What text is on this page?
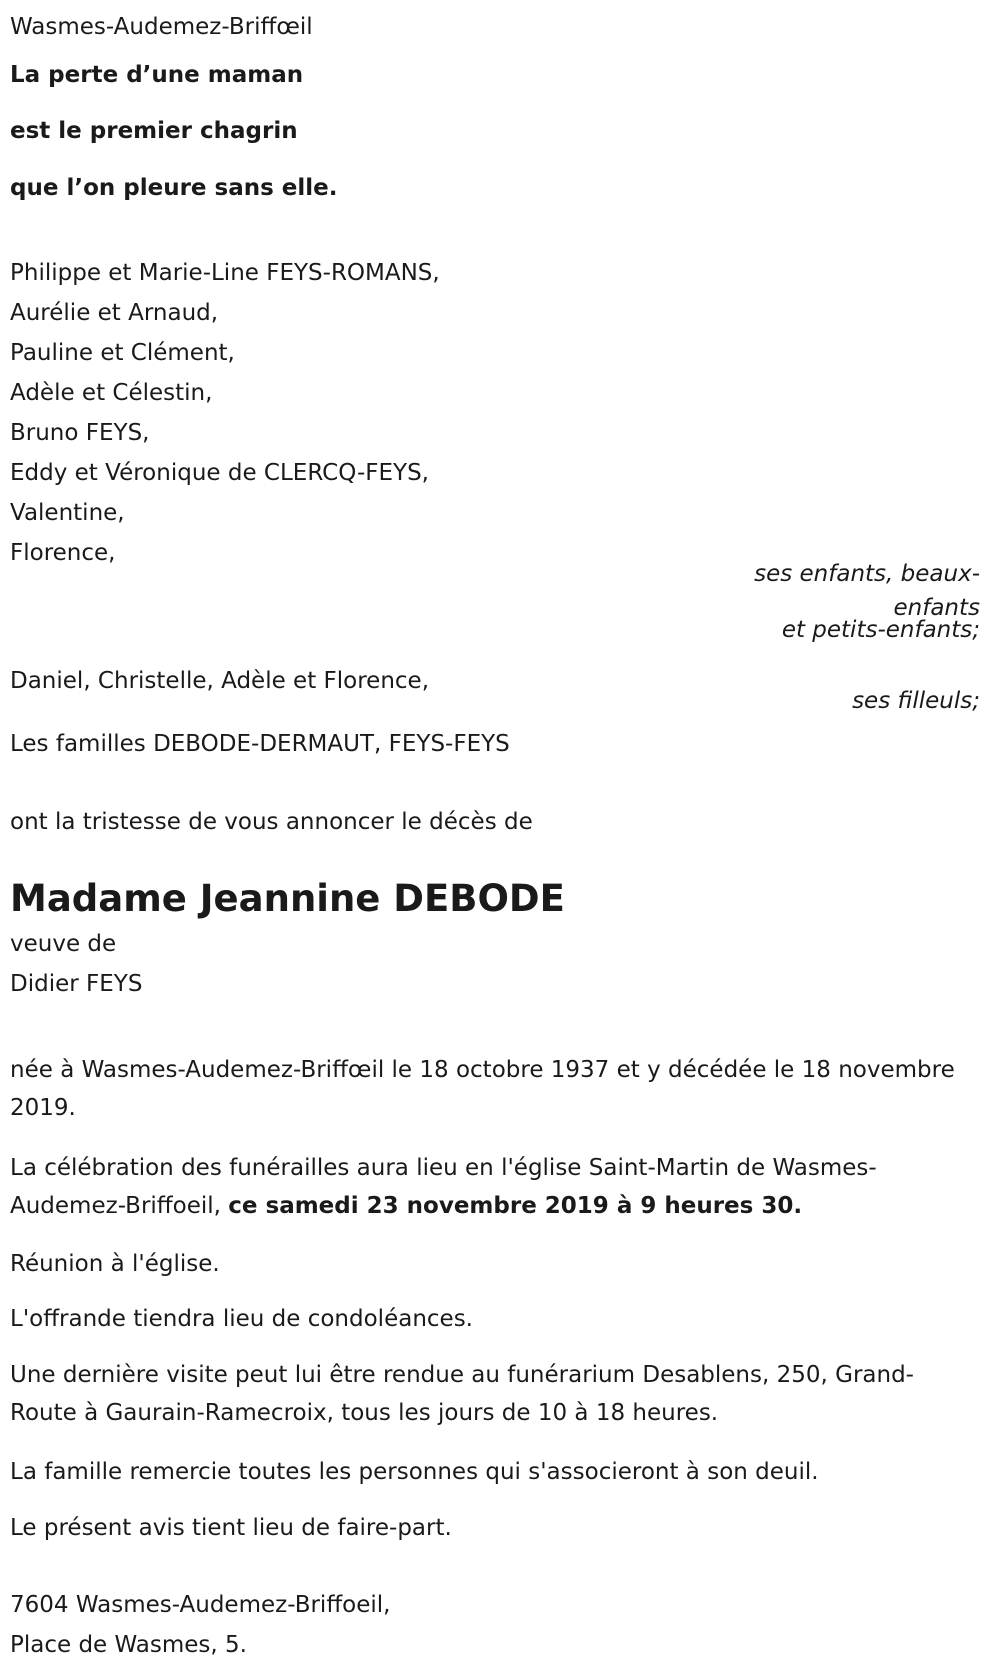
Wasmes-Audemez-Briffœil
La perte d’une maman
est le premier chagrin
que l’on pleure sans elle.
Philippe et Marie-Line FEYS-ROMANS,
Aurélie et Arnaud,
Pauline et Clément,
Adèle et Célestin,
Bruno FEYS,
Eddy et Véronique de CLERCQ-FEYS,
Valentine,
Florence,
ses enfants, beaux-
enfants
et petits-enfants;
Daniel, Christelle, Adèle et Florence,
ses filleuls;
Les familles DEBODE-DERMAUT, FEYS-FEYS
ont la tristesse de vous annoncer le décès de
Madame Jeannine DEBODE
veuve de
Didier FEYS
née à Wasmes-Audemez-Briffœil le 18 octobre 1937 et y décédée le 18 novembre 2019.
La célébration des funérailles aura lieu en l'église Saint-Martin de Wasmes-Audemez-Briffoeil, ce samedi 23 novembre 2019 à 9 heures 30.
Réunion à l'église.
L'offrande tiendra lieu de condoléances.
Une dernière visite peut lui être rendue au funérarium Desablens, 250, Grand-Route à Gaurain-Ramecroix, tous les jours de 10 à 18 heures.
La famille remercie toutes les personnes qui s'associeront à son deuil.
Le présent avis tient lieu de faire-part.
7604 Wasmes-Audemez-Briffoeil,
Place de Wasmes, 5.
